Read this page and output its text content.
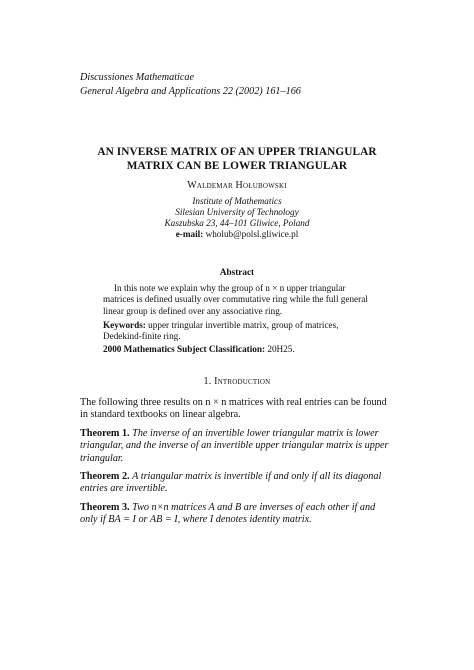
Discussiones Mathematicae
General Algebra and Applications 22 (2002) 161–166
AN INVERSE MATRIX OF AN UPPER TRIANGULAR
MATRIX CAN BE LOWER TRIANGULAR
Waldemar Hołubowski
Institute of Mathematics
Silesian University of Technology
Kaszubska 23, 44–101 Gliwice, Poland
e-mail: wholub@polsl.gliwice.pl
Abstract
In this note we explain why the group of n × n upper triangular
matrices is defined usually over commutative ring while the full general
linear group is defined over any associative ring.
Keywords: upper tringular invertible matrix, group of matrices,
Dedekind-finite ring.
2000 Mathematics Subject Classification: 20H25.
1. Introduction
The following three results on n × n matrices with real entries can be found
in standard textbooks on linear algebra.
Theorem 1. The inverse of an invertible lower triangular matrix is lower
triangular, and the inverse of an invertible upper triangular matrix is upper
triangular.
Theorem 2. A triangular matrix is invertible if and only if all its diagonal
entries are invertible.
Theorem 3. Two n×n matrices A and B are inverses of each other if and
only if BA = I or AB = I, where I denotes identity matrix.
